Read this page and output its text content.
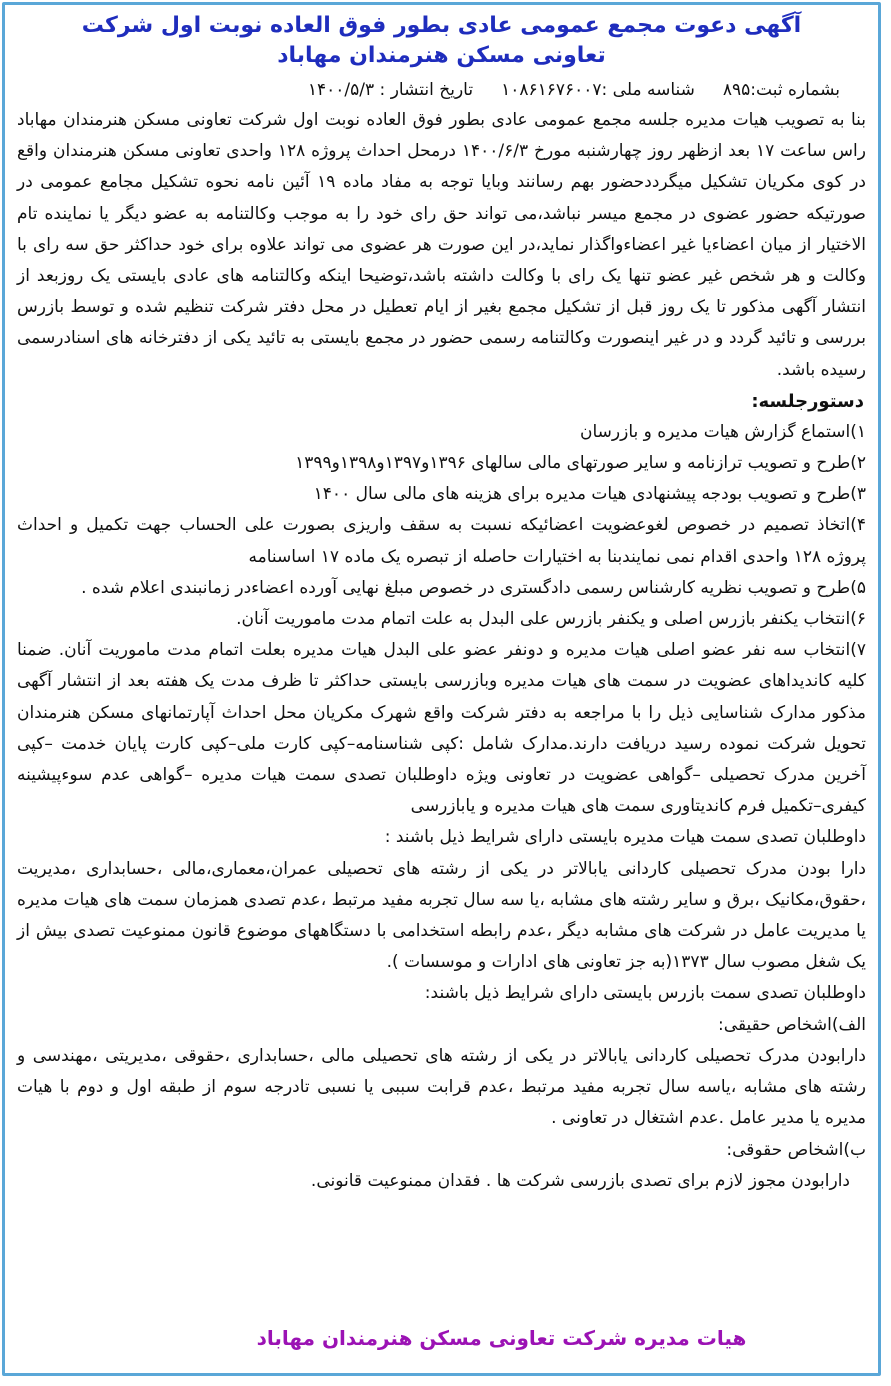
آگهی دعوت مجمع عمومی عادی بطور فوق العاده نوبت اول شرکت

تعاونی مسکن هنرمندان مهاباد

بشماره ثبت:۸۹۵
شناسه ملی :۱۰۸۶۱۶۷۶۰۰۷
تاریخ انتشار : ۱۴۰۰/۵/۳

بنا به تصویب هیات مدیره جلسه مجمع عمومی عادی بطور فوق العاده نوبت اول شرکت تعاونی مسکن هنرمندان مهاباد راس ساعت ۱۷ بعد ازظهر روز چهارشنبه مورخ ۱۴۰۰/۶/۳ درمحل احداث پروژه ۱۲۸ واحدی تعاونی مسکن هنرمندان واقع در کوی مکریان تشکیل میگرددحضور بهم رسانند وبایا توجه به مفاد ماده ۱۹ آئین نامه نحوه تشکیل مجامع عمومی در صورتیکه حضور عضوی در مجمع میسر نباشد،می تواند حق رای خود را به موجب وکالتنامه به عضو دیگر یا نماینده تام الاختیار از میان اعضاءیا غیر اعضاءواگذار نماید،در این صورت هر عضوی می تواند علاوه برای خود حداکثر حق سه رای با وکالت و هر شخص غیر عضو تنها یک رای با وکالت داشته باشد،توضیحا اینکه وکالتنامه های عادی بایستی یک روزبعد از انتشار آگهی مذکور تا یک روز قبل از تشکیل مجمع بغیر از ایام تعطیل در محل دفتر شرکت تنظیم شده و توسط بازرس بررسی و تائید گردد و در غیر اینصورت وکالتنامه رسمی حضور در مجمع بایستی به تائید یکی از دفترخانه های اسنادرسمی رسیده باشد.

دستورجلسه:

۱)استماع گزارش هیات مدیره و بازرسان

۲)طرح و تصویب ترازنامه و سایر صورتهای مالی سالهای ۱۳۹۶و۱۳۹۷و۱۳۹۸و۱۳۹۹

۳)طرح و تصویب بودجه پیشنهادی هیات مدیره برای هزینه های مالی سال ۱۴۰۰

۴)اتخاذ تصمیم در خصوص لغوعضویت اعضائیکه نسبت به سقف واریزی بصورت علی الحساب جهت تکمیل و احداث پروژه ۱۲۸ واحدی اقدام نمی نمایندبنا به اختیارات حاصله از تبصره یک ماده ۱۷ اساسنامه

۵)طرح و تصویب نظریه کارشناس رسمی دادگستری در خصوص مبلغ نهایی آورده اعضاءدر زمانبندی اعلام شده .

۶)انتخاب یکنفر بازرس اصلی و یکنفر بازرس علی البدل به علت اتمام مدت ماموریت آنان.

۷)انتخاب سه نفر عضو اصلی هیات مدیره و دونفر عضو علی البدل هیات مدیره بعلت اتمام مدت ماموریت آنان. ضمنا کلیه کاندیداهای عضویت در سمت های هیات مدیره وبازرسی بایستی حداکثر تا ظرف مدت یک هفته بعد از انتشار آگهی مذکور مدارک شناسایی ذیل را با مراجعه به دفتر شرکت واقع شهرک مکریان محل احداث آپارتمانهای مسکن هنرمندان تحویل شرکت نموده رسید دریافت دارند.مدارک شامل :کپی شناسنامه–کپی کارت ملی–کپی کارت پایان خدمت –کپی آخرین مدرک تحصیلی –گواهی عضویت در تعاونی ویژه داوطلبان تصدی سمت هیات مدیره –گواهی عدم سوءپیشینه کیفری–تکمیل فرم کاندیتاوری سمت های هیات مدیره و یابازرسی

داوطلبان تصدی سمت هیات مدیره بایستی دارای شرایط ذیل باشند :

دارا بودن مدرک تحصیلی کاردانی یابالاتر در یکی از رشته های تحصیلی عمران،معماری،مالی ،حسابداری ،مدیریت ،حقوق،مکانیک ،برق و سایر رشته های مشابه ،یا سه سال تجربه مفید مرتبط ،عدم تصدی همزمان سمت های هیات مدیره یا مدیریت عامل در شرکت های مشابه دیگر ،عدم رابطه استخدامی با دستگاههای موضوع قانون ممنوعیت تصدی بیش از یک شغل مصوب سال ۱۳۷۳(به جز تعاونی های ادارات و موسسات ).

داوطلبان تصدی سمت بازرس بایستی دارای شرایط ذیل باشند:

الف)اشخاص حقیقی:

دارابودن مدرک تحصیلی کاردانی یابالاتر در یکی از رشته های تحصیلی مالی ،حسابداری ،حقوقی ،مدیریتی ،مهندسی و رشته های مشابه ،یاسه سال تجربه مفید مرتبط ،عدم قرابت سببی یا نسبی تادرجه سوم از طبقه اول و دوم با هیات مدیره یا مدیر عامل .عدم اشتغال در تعاونی .

ب)اشخاص حقوقی:

دارابودن مجوز لازم برای تصدی بازرسی شرکت ها . فقدان ممنوعیت قانونی.

هیات مدیره شرکت تعاونی مسکن هنرمندان مهاباد
